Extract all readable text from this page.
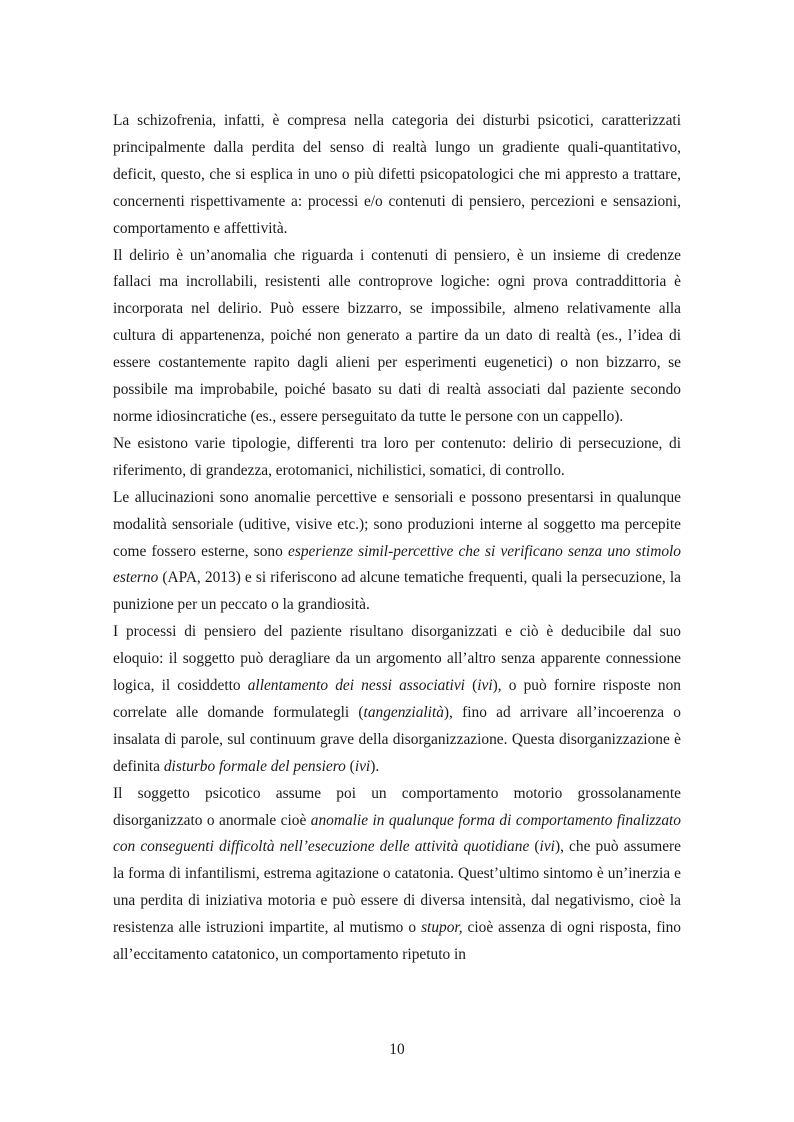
La schizofrenia, infatti, è compresa nella categoria dei disturbi psicotici, caratterizzati principalmente dalla perdita del senso di realtà lungo un gradiente quali-quantitativo, deficit, questo, che si esplica in uno o più difetti psicopatologici che mi appresto a trattare, concernenti rispettivamente a: processi e/o contenuti di pensiero, percezioni e sensazioni, comportamento e affettività.

Il delirio è un’anomalia che riguarda i contenuti di pensiero, è un insieme di credenze fallaci ma incrollabili, resistenti alle controprove logiche: ogni prova contraddittoria è incorporata nel delirio. Può essere bizzarro, se impossibile, almeno relativamente alla cultura di appartenenza, poiché non generato a partire da un dato di realtà (es., l’idea di essere costantemente rapito dagli alieni per esperimenti eugenetici) o non bizzarro, se possibile ma improbabile, poiché basato su dati di realtà associati dal paziente secondo norme idiosincratiche (es., essere perseguitato da tutte le persone con un cappello).

Ne esistono varie tipologie, differenti tra loro per contenuto: delirio di persecuzione, di riferimento, di grandezza, erotomanici, nichilistici, somatici, di controllo.

Le allucinazioni sono anomalie percettive e sensoriali e possono presentarsi in qualunque modalità sensoriale (uditive, visive etc.); sono produzioni interne al soggetto ma percepite come fossero esterne, sono esperienze simil-percettive che si verificano senza uno stimolo esterno (APA, 2013) e si riferiscono ad alcune tematiche frequenti, quali la persecuzione, la punizione per un peccato o la grandiosità.

I processi di pensiero del paziente risultano disorganizzati e ciò è deducibile dal suo eloquio: il soggetto può deragliare da un argomento all’altro senza apparente connessione logica, il cosiddetto allentamento dei nessi associativi (ivi), o può fornire risposte non correlate alle domande formulategli (tangenzialità), fino ad arrivare all’incoerenza o insalata di parole, sul continuum grave della disorganizzazione. Questa disorganizzazione è definita disturbo formale del pensiero (ivi).

Il soggetto psicotico assume poi un comportamento motorio grossolanamente disorganizzato o anormale cioè anomalie in qualunque forma di comportamento finalizzato con conseguenti difficoltà nell’esecuzione delle attività quotidiane (ivi), che può assumere la forma di infantilismi, estrema agitazione o catatonia. Quest’ultimo sintomo è un’inerzia e una perdita di iniziativa motoria e può essere di diversa intensità, dal negativismo, cioè la resistenza alle istruzioni impartite, al mutismo o stupor, cioè assenza di ogni risposta, fino all’eccitamento catatonico, un comportamento ripetuto in

10
